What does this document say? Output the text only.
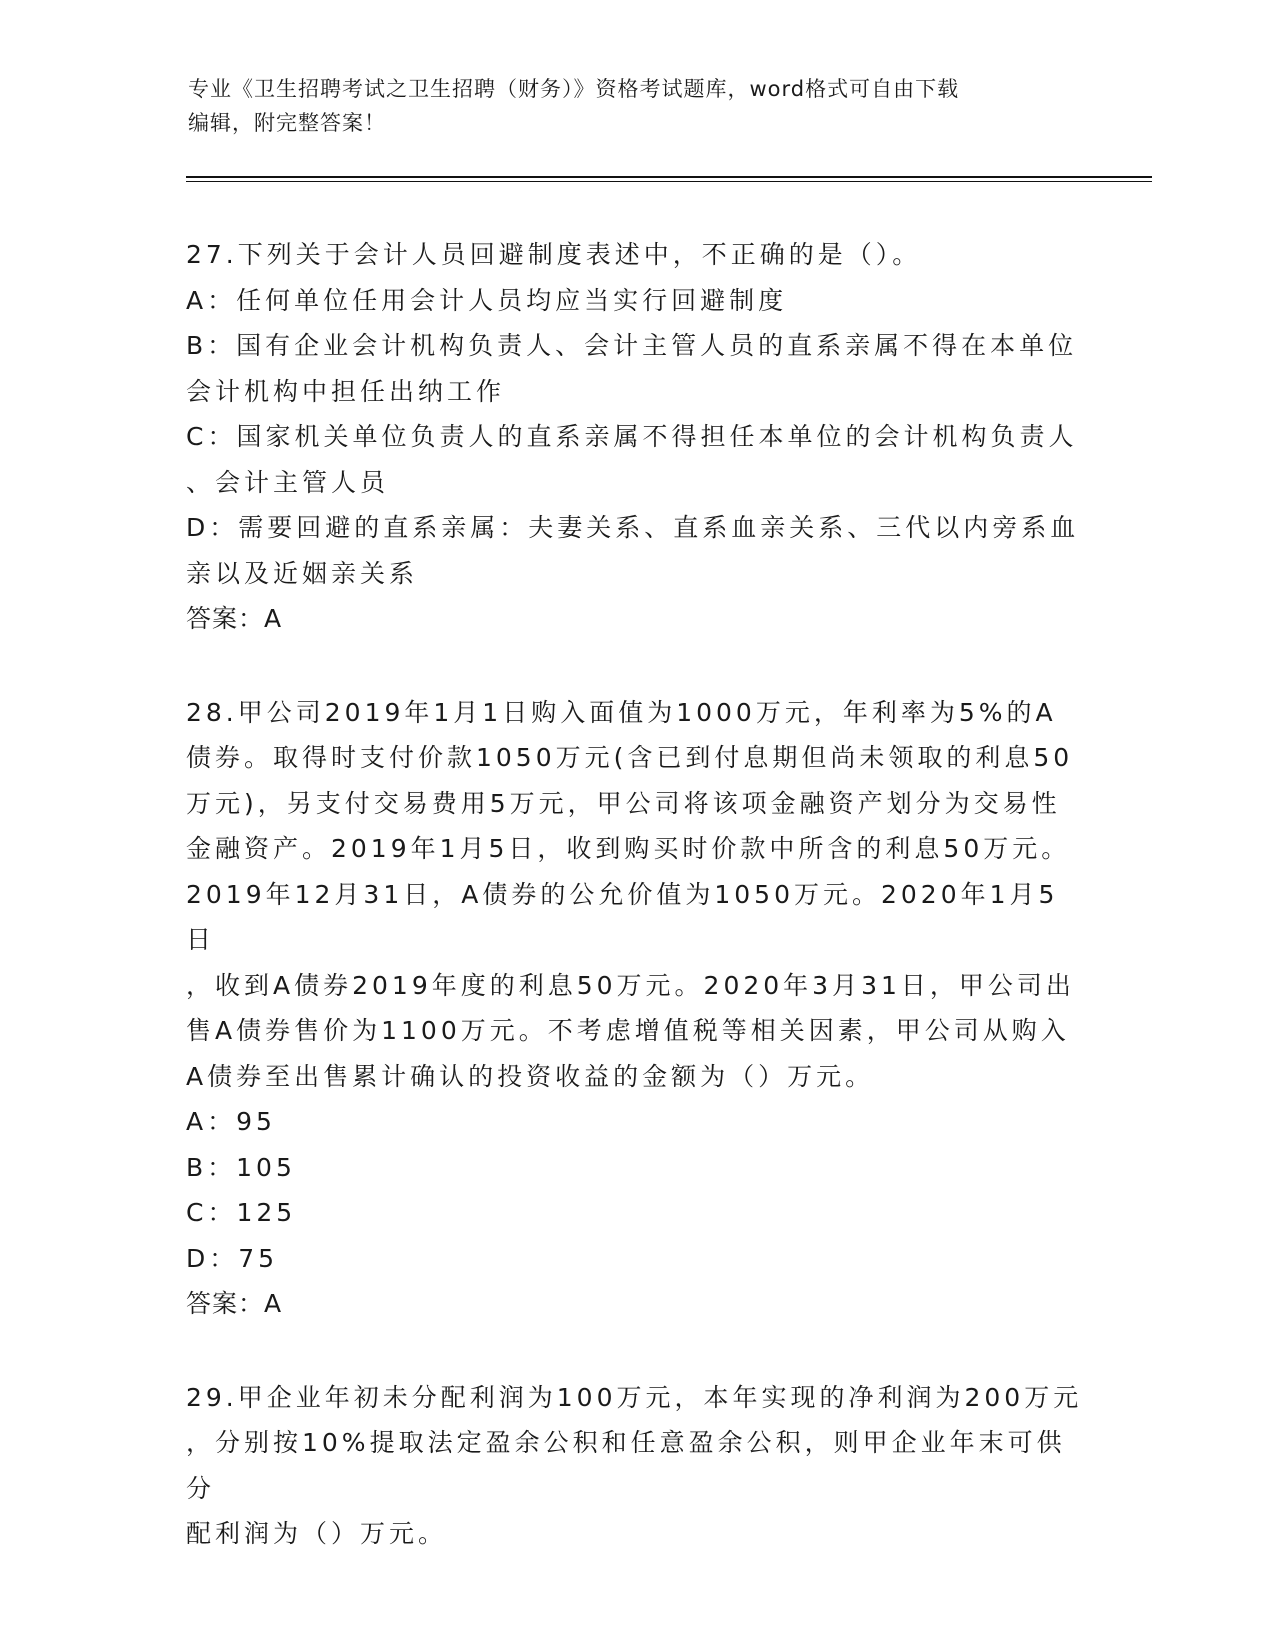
专业《卫生招聘考试之卫生招聘（财务）》资格考试题库，word格式可自由下载

编辑，附完整答案！

27.下列关于会计人员回避制度表述中，不正确的是（）。

A：任何单位任用会计人员均应当实行回避制度

B：国有企业会计机构负责人、会计主管人员的直系亲属不得在本单位

会计机构中担任出纳工作

C：国家机关单位负责人的直系亲属不得担任本单位的会计机构负责人

、会计主管人员

D：需要回避的直系亲属：夫妻关系、直系血亲关系、三代以内旁系血

亲以及近姻亲关系

答案：A

28.甲公司2019年1月1日购入面值为1000万元，年利率为5%的A

债券。取得时支付价款1050万元(含已到付息期但尚未领取的利息50

万元)，另支付交易费用5万元，甲公司将该项金融资产划分为交易性

金融资产。2019年1月5日，收到购买时价款中所含的利息50万元。

2019年12月31日，A债券的公允价值为1050万元。2020年1月5日

，收到A债券2019年度的利息50万元。2020年3月31日，甲公司出

售A债券售价为1100万元。不考虑增值税等相关因素，甲公司从购入

A债券至出售累计确认的投资收益的金额为（）万元。

A：95

B：105

C：125

D：75

答案：A

29.甲企业年初未分配利润为100万元，本年实现的净利润为200万元

，分别按10%提取法定盈余公积和任意盈余公积，则甲企业年末可供分

配利润为（）万元。
